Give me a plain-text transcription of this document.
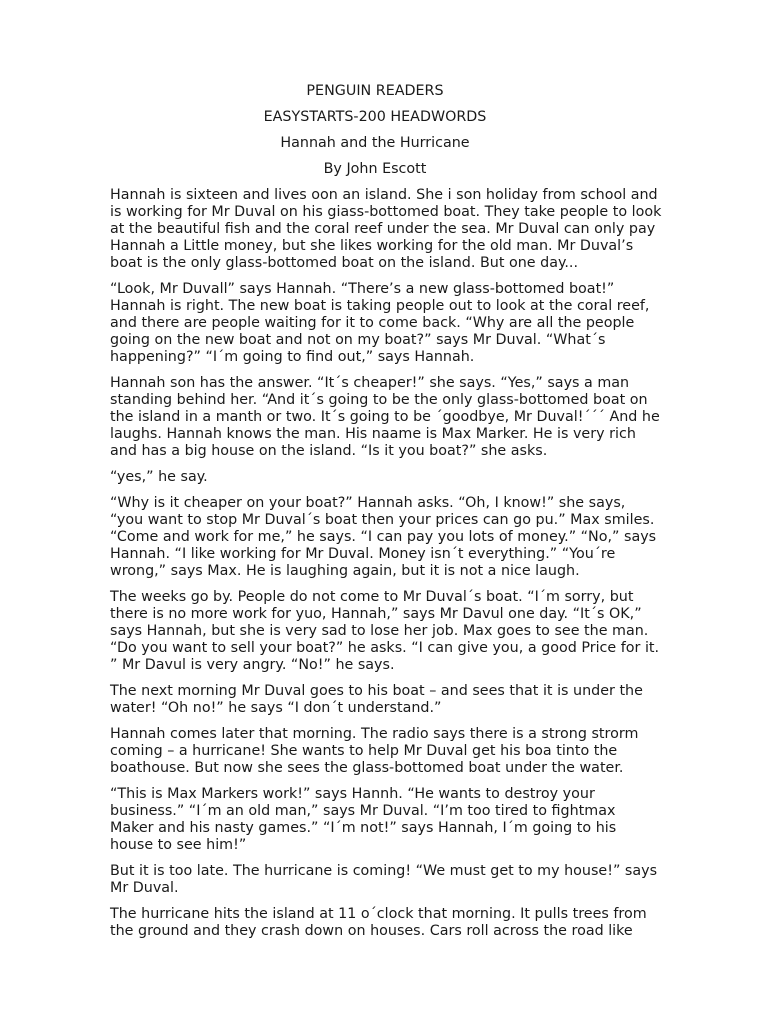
PENGUIN READERS
EASYSTARTS-200 HEADWORDS
Hannah and the Hurricane
By John Escott
Hannah is sixteen and lives oon an island. She i son holiday from school and
is working for Mr Duval on his giass-bottomed boat. They take people to look
at the beautiful fish and the coral reef under the sea. Mr Duval can only pay
Hannah a Little money, but she likes working for the old man. Mr Duval’s
boat is the only glass-bottomed boat on the island. But one day...
“Look, Mr Duvall” says Hannah. “There’s a new glass-bottomed boat!”
Hannah is right. The new boat is taking people out to look at the coral reef,
and there are people waiting for it to come back. “Why are all the people
going on the new boat and not on my boat?” says Mr Duval. “What´s
happening?” “I´m going to find out,” says Hannah.
Hannah son has the answer. “It´s cheaper!” she says. “Yes,” says a man
standing behind her. “And it´s going to be the only glass-bottomed boat on
the island in a manth or two. It´s going to be ´goodbye, Mr Duval!´´´ And he
laughs. Hannah knows the man. His naame is Max Marker. He is very rich
and has a big house on the island. “Is it you boat?” she asks.
“yes,” he say.
“Why is it cheaper on your boat?” Hannah asks. “Oh, I know!” she says,
“you want to stop Mr Duval´s boat then your prices can go pu.” Max smiles.
“Come and work for me,” he says. “I can pay you lots of money.” “No,” says
Hannah. “I like working for Mr Duval. Money isn´t everything.” “You´re
wrong,” says Max. He is laughing again, but it is not a nice laugh.
The weeks go by. People do not come to Mr Duval´s boat. “I´m sorry, but
there is no more work for yuo, Hannah,” says Mr Davul one day. “It´s OK,”
says Hannah, but she is very sad to lose her job. Max goes to see the man.
“Do you want to sell your boat?” he asks. “I can give you, a good Price for it.
” Mr Davul is very angry. “No!” he says.
The next morning Mr Duval goes to his boat – and sees that it is under the
water! “Oh no!” he says “I don´t understand.”
Hannah comes later that morning. The radio says there is a strong strorm
coming – a hurricane! She wants to help Mr Duval get his boa tinto the
boathouse. But now she sees the glass-bottomed boat under the water.
“This is Max Markers work!” says Hannh. “He wants to destroy your
business.” “I´m an old man,” says Mr Duval. “I’m too tired to fightmax
Maker and his nasty games.” “I´m not!” says Hannah, I´m going to his
house to see him!”
But it is too late. The hurricane is coming! “We must get to my house!” says
Mr Duval.
The hurricane hits the island at 11 o´clock that morning. It pulls trees from
the ground and they crash down on houses. Cars roll across the road like
